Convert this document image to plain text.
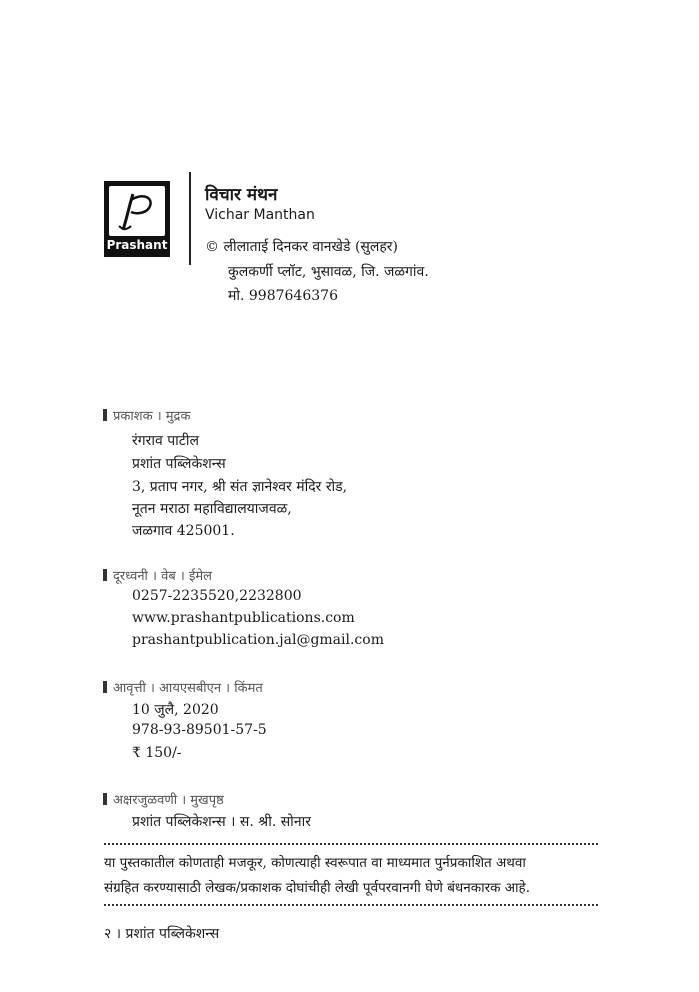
Prashant
विचार मंथन
Vichar Manthan
© लीलाताई दिनकर वानखेडे (सुलहर)
कुलकर्णी प्लॉट, भुसावळ, जि. जळगांव.
मो. 9987646376
प्रकाशक । मुद्रक
रंगराव पाटील
प्रशांत पब्लिकेशन्स
3, प्रताप नगर, श्री संत ज्ञानेश्वर मंदिर रोड,
नूतन मराठा महाविद्यालयाजवळ,
जळगाव 425001.
दूरध्वनी । वेब । ईमेल
0257-2235520,2232800
www.prashantpublications.com
prashantpublication.jal@gmail.com
आवृत्ती । आयएसबीएन । किंमत
10 जुलै, 2020
978-93-89501-57-5
₹ 150/-
अक्षरजुळवणी । मुखपृष्ठ
प्रशांत पब्लिकेशन्स । स. श्री. सोनार
या पुस्तकातील कोणताही मजकूर, कोणत्याही स्वरूपात वा माध्यमात पुर्नप्रकाशित अथवा
संग्रहित करण्यासाठी लेखक/प्रकाशक दोघांचीही लेखी पूर्वपरवानगी घेणे बंधनकारक आहे.
२ । प्रशांत पब्लिकेशन्स
